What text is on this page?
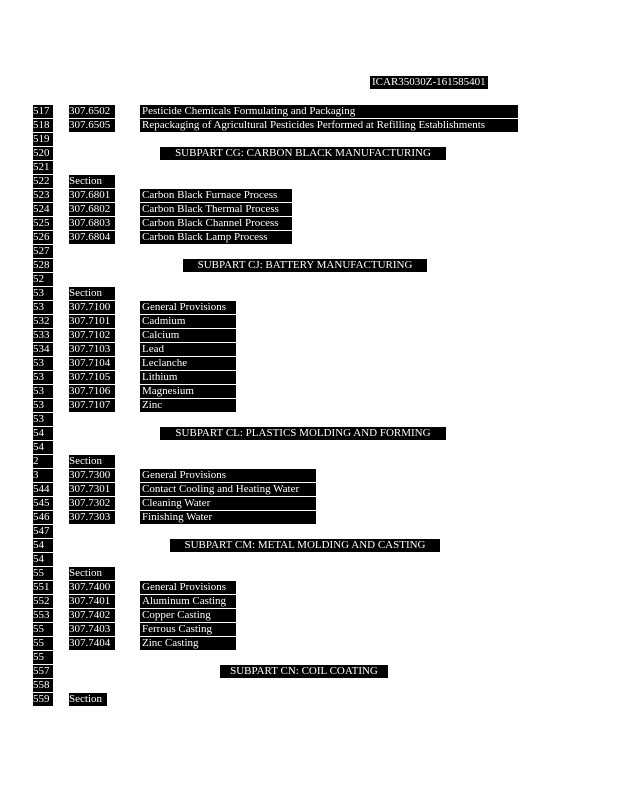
ICAR35030Z-161585401
517	307.6502	Pesticide Chemicals Formulating and Packaging
518	307.6505	Repackaging of Agricultural Pesticides Performed at Refilling Establishments
519
520	SUBPART CG: CARBON BLACK MANUFACTURING
521
522	Section
523	307.6801	Carbon Black Furnace Process
524	307.6802	Carbon Black Thermal Process
525	307.6803	Carbon Black Channel Process
526	307.6804	Carbon Black Lamp Process
527
528	SUBPART CJ: BATTERY MANUFACTURING
52
53	Section
53	307.7100	General Provisions
532	307.7101	Cadmium
533	307.7102	Calcium
534	307.7103	Lead
53	307.7104	Leclanche
53	307.7105	Lithium
53	307.7106	Magnesium
53	307.7107	Zinc
53
54	SUBPART CL: PLASTICS MOLDING AND FORMING
54
2	Section
3	307.7300	General Provisions
544	307.7301	Contact Cooling and Heating Water
545	307.7302	Cleaning Water
546	307.7303	Finishing Water
547
54	SUBPART CM: METAL MOLDING AND CASTING
54
55	Section
551	307.7400	General Provisions
552	307.7401	Aluminum Casting
553	307.7402	Copper Casting
55	307.7403	Ferrous Casting
55	307.7404	Zinc Casting
55
557	SUBPART CN: COIL COATING
558
559	Section
